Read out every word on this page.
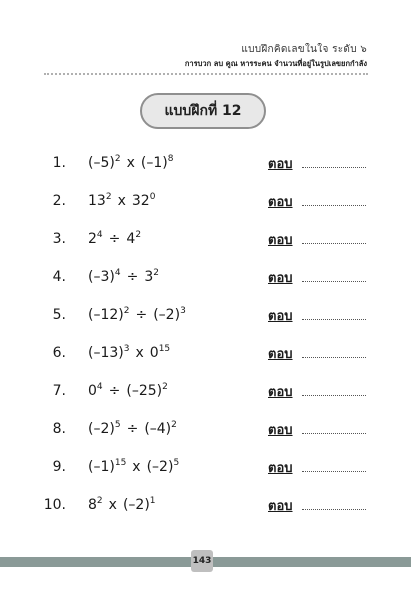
แบบฝึกคิดเลขในใจ ระดับ ๖
การบวก ลบ คูณ หารระคน จำนวนที่อยู่ในรูปเลขยกกำลัง
แบบฝึกที่ 12
1. $(-5)^2$ x $(-1)^8$	ตอบ
2. $13^2$ x $32^0$	ตอบ
3. $2^4 \div 4^2$	ตอบ
4. $(-3)^4 \div 3^2$	ตอบ
5. $(-12)^2 \div (-2)^3$	ตอบ
6. $(-13)^3$ x $0^{15}$	ตอบ
7. $0^4 \div (-25)^2$	ตอบ
8. $(-2)^5 \div (-4)^2$	ตอบ
9. $(-1)^{15}$ x $(-2)^5$	ตอบ
10. $8^2$ x $(-2)^1$	ตอบ
143
